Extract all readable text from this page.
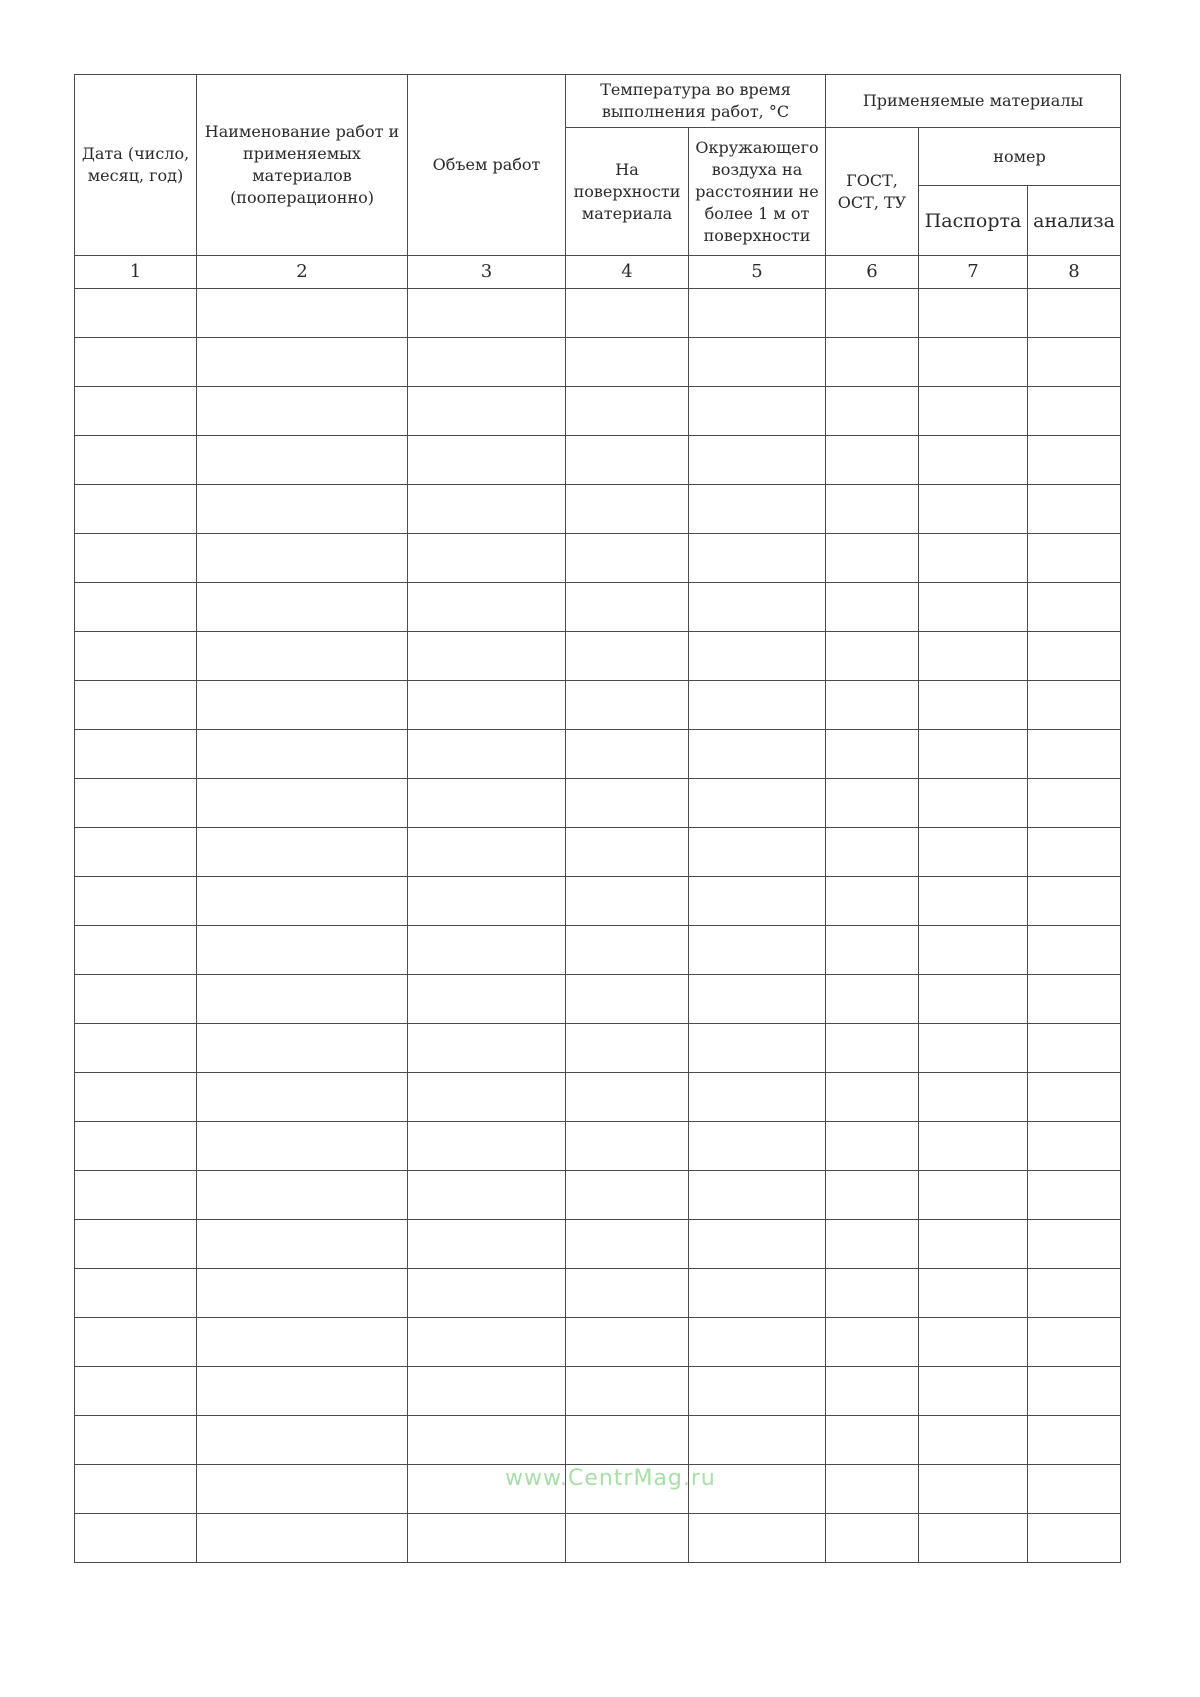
Дата (число, месяц, год)	Наименование работ и применяемых материалов (пооперационно)	Объем работ	Температура во время выполнения работ, °С		Применяемые материалы		
			На поверхности материала	Окружающего воздуха на расстоянии не более 1 м от поверхности	ГОСТ, ОСТ, ТУ	номер	
						Паспорта	анализа
1	2	3	4	5	6	7	8

www.CentrMag.ru
